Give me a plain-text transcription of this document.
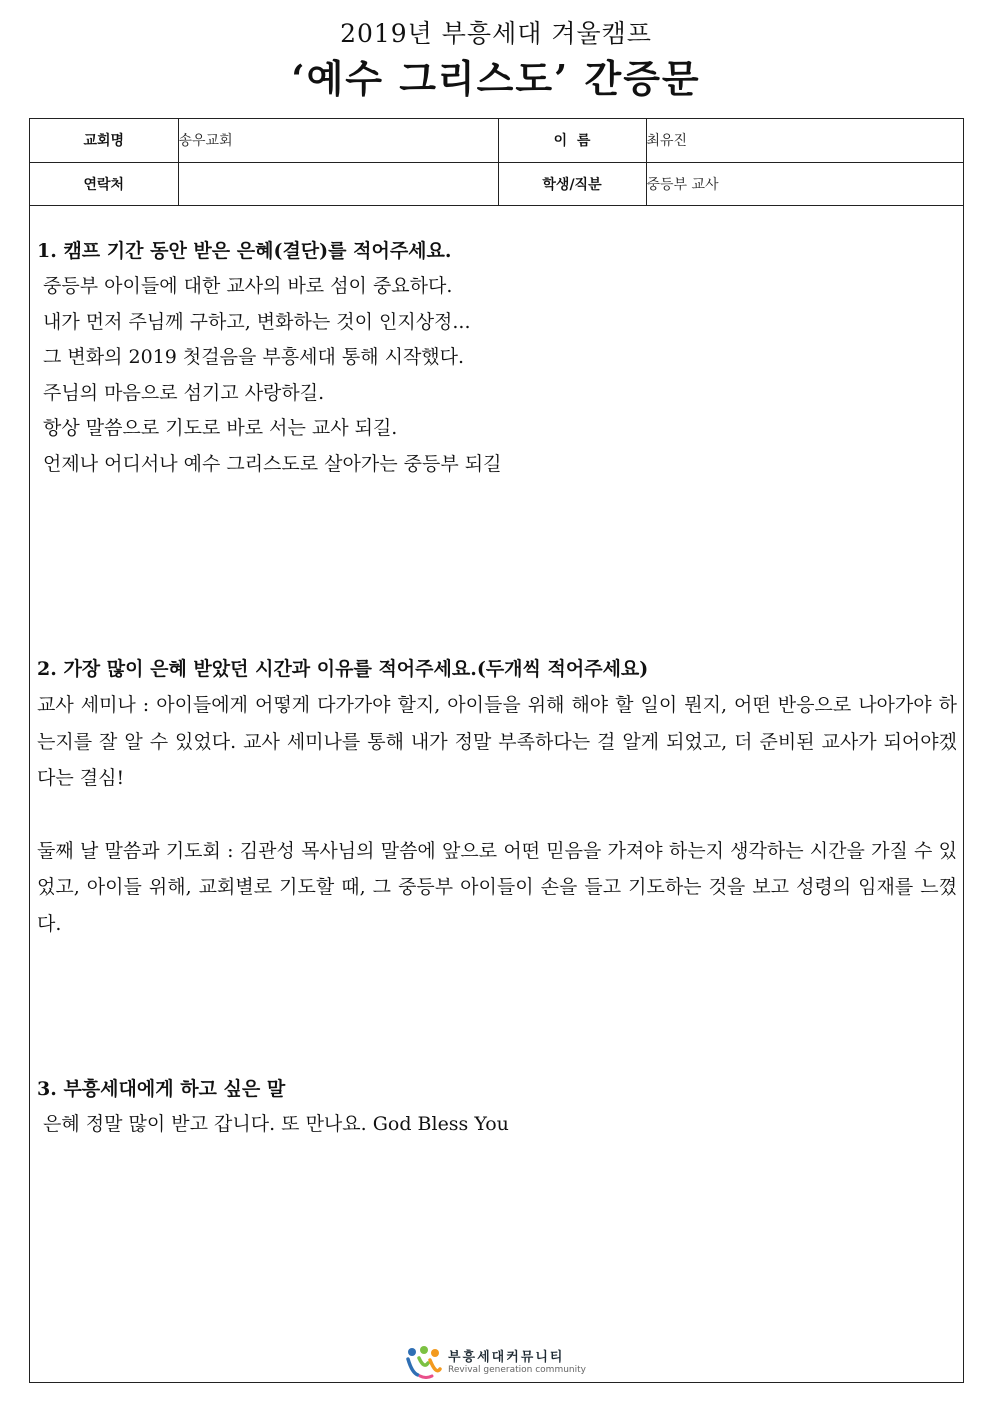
2019년 부흥세대 겨울캠프
‘예수 그리스도’ 간증문
교회명	송우교회	이  름	최유진
연락처		학생/직분	중등부 교사
1. 캠프 기간 동안 받은 은혜(결단)를 적어주세요.
중등부 아이들에 대한 교사의 바로 섬이 중요하다.
내가 먼저 주님께 구하고, 변화하는 것이 인지상정...
그 변화의 2019 첫걸음을 부흥세대 통해 시작했다.
주님의 마음으로 섬기고 사랑하길.
항상 말씀으로 기도로 바로 서는 교사 되길.
언제나 어디서나 예수 그리스도로 살아가는 중등부 되길
2. 가장 많이 은혜 받았던 시간과 이유를 적어주세요.(두개씩 적어주세요)
교사 세미나 : 아이들에게 어떻게 다가가야 할지, 아이들을 위해 해야 할 일이 뭔지, 어떤 반응으로 나아가야 하는지를 잘 알 수 있었다. 교사 세미나를 통해 내가 정말 부족하다는 걸 알게 되었고, 더 준비된 교사가 되어야겠다는 결심!
둘째 날 말씀과 기도회 : 김관성 목사님의 말씀에 앞으로 어떤 믿음을 가져야 하는지 생각하는 시간을 가질 수 있었고, 아이들 위해, 교회별로 기도할 때, 그 중등부 아이들이 손을 들고 기도하는 것을 보고 성령의 임재를 느꼈다.
3. 부흥세대에게 하고 싶은 말
은혜 정말 많이 받고 갑니다. 또 만나요. God Bless You
부흥세대커뮤니티
Revival generation community
